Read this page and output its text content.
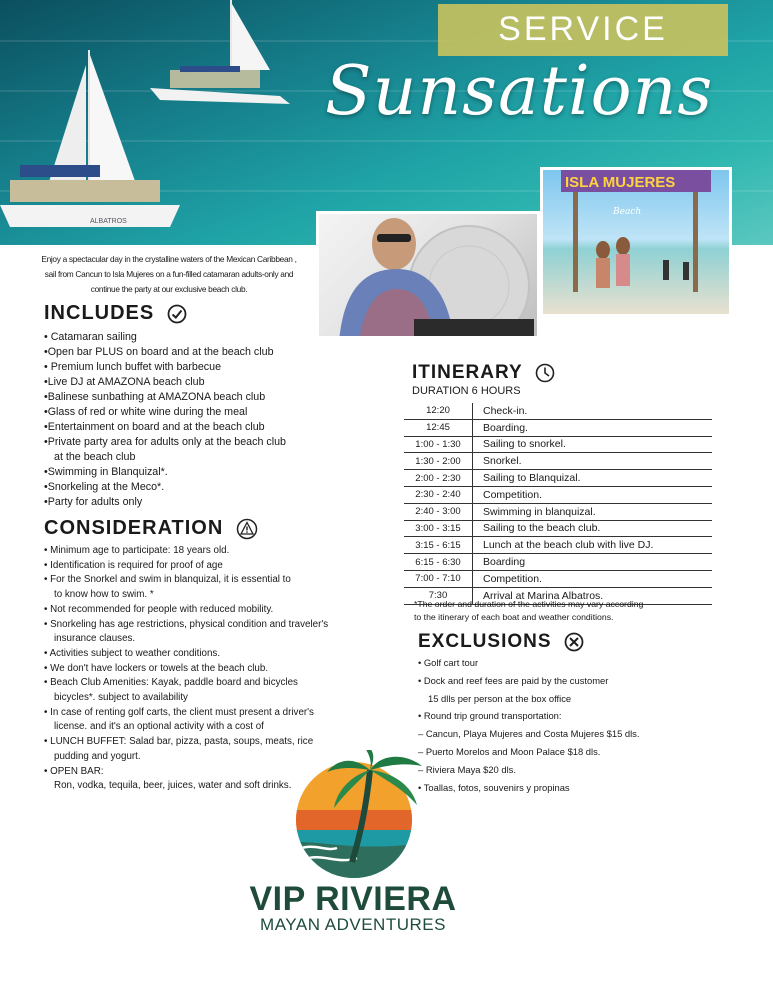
ALBATROS
SERVICE
Sunsations
ISLA MUJERES
Beach
Enjoy a spectacular day in the crystalline waters of the Mexican Caribbean ,
sail from Cancun to Isla Mujeres on a fun-filled catamaran adults-only and
continue the party at our exclusive beach club.
INCLUDES
• Catamaran sailing
•Open bar PLUS on board and at the beach club
• Premium lunch buffet with barbecue
•Live DJ at AMAZONA beach club
•Balinese sunbathing at AMAZONA beach club
•Glass of red or white wine during the meal
•Entertainment on board and at the beach club
•Private party area for adults only at the beach club
at the beach club
•Swimming in Blanquizal*.
•Snorkeling at the Meco*.
•Party for adults only
CONSIDERATION
• Minimum age to participate: 18 years old.
• Identification is required for proof of age
• For the Snorkel and swim in blanquizal, it is essential to
to know how to swim. *
• Not recommended for people with reduced mobility.
• Snorkeling has age restrictions, physical condition and traveler's
insurance clauses.
• Activities subject to weather conditions.
• We don't have lockers or towels at the beach club.
• Beach Club Amenities: Kayak, paddle board and bicycles
bicycles*. subject to availability
• In case of renting golf carts, the client must present a driver's
license. and it's an optional activity with a cost of
• LUNCH BUFFET: Salad bar, pizza, pasta, soups, meats, rice
pudding and yogurt.
• OPEN BAR:
Ron, vodka, tequila, beer, juices, water and soft drinks.
ITINERARY
DURATION 6 HOURS
12:20	Check-in.
12:45	Boarding.
1:00 - 1:30	Sailing to snorkel.
1:30 - 2:00	Snorkel.
2:00 - 2:30	Sailing to Blanquizal.
2:30 - 2:40	Competition.
2:40 - 3:00	Swimming in blanquizal.
3:00 - 3:15	Sailing to the beach club.
3:15 - 6:15	Lunch at the beach club with live DJ.
6:15 - 6:30	Boarding
7:00 - 7:10	Competition.
7:30	Arrival at Marina Albatros.
*The order and duration of the activities may vary according
to the itinerary of each boat and weather conditions.
EXCLUSIONS
• Golf cart tour
• Dock and reef fees are paid by the customer
15 dlls per person at the box office
• Round trip ground transportation:
– Cancun, Playa Mujeres and Costa Mujeres $15 dls.
– Puerto Morelos and Moon Palace $18 dls.
– Riviera Maya $20 dls.
• Toallas, fotos, souvenirs y propinas
VIP RIVIERA
MAYAN ADVENTURES
